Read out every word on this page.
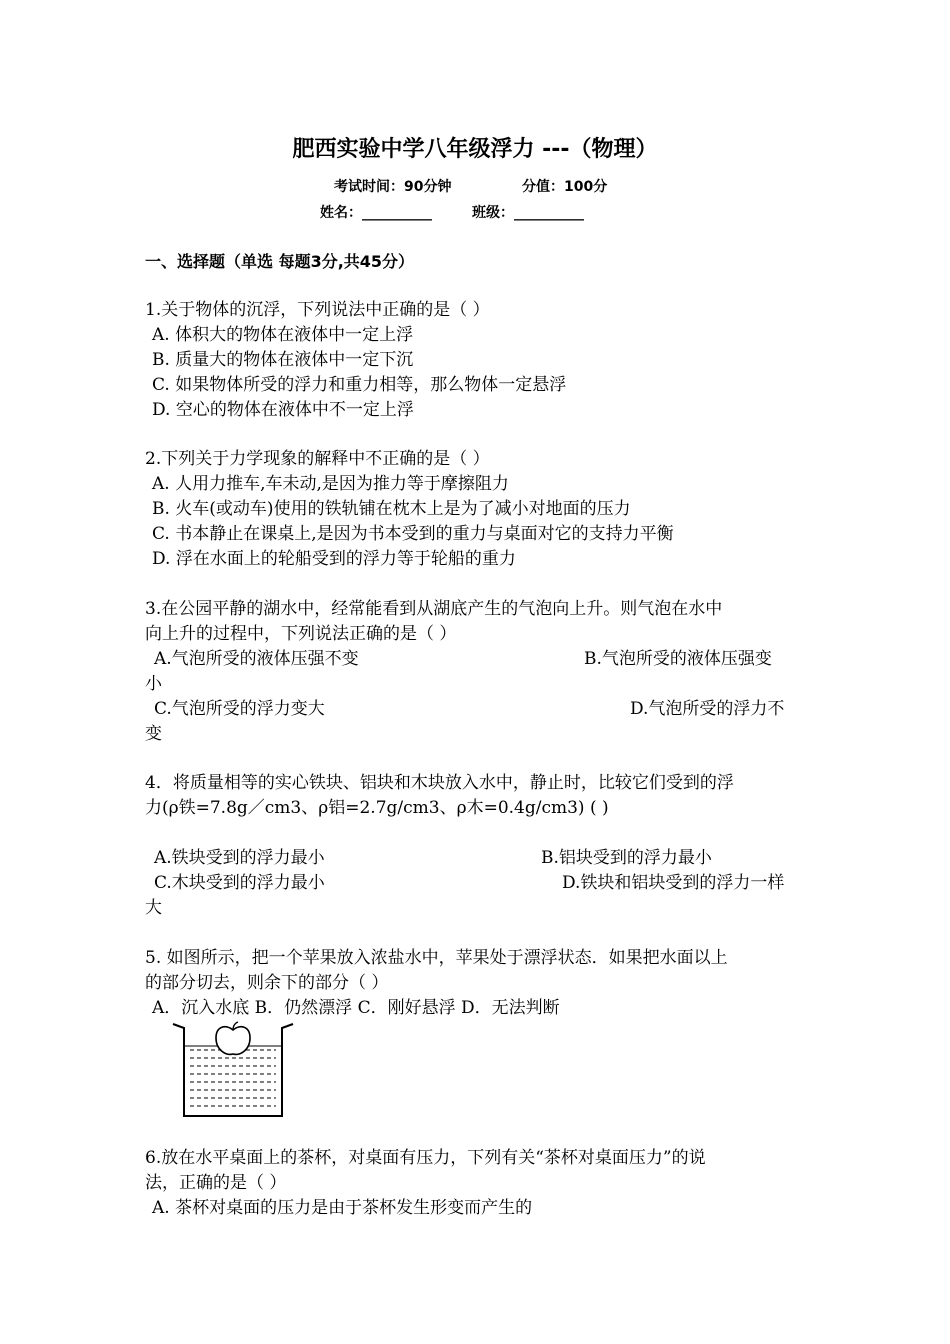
肥西实验中学八年级浮力 ---（物理）
考试时间：90分钟	分值：100分
姓名：__________	班级：__________
一、选择题（单选 每题3分,共45分）
1.关于物体的沉浮，下列说法中正确的是（ ）
A. 体积大的物体在液体中一定上浮
B. 质量大的物体在液体中一定下沉
C. 如果物体所受的浮力和重力相等，那么物体一定悬浮
D. 空心的物体在液体中不一定上浮
2.下列关于力学现象的解释中不正确的是（ ）
A. 人用力推车,车未动,是因为推力等于摩擦阻力
B. 火车(或动车)使用的铁轨铺在枕木上是为了减小对地面的压力
C. 书本静止在课桌上,是因为书本受到的重力与桌面对它的支持力平衡
D. 浮在水面上的轮船受到的浮力等于轮船的重力
3.在公园平静的湖水中，经常能看到从湖底产生的气泡向上升。则气泡在水中
向上升的过程中，下列说法正确的是（ ）
A.气泡所受的液体压强不变	B.气泡所受的液体压强变
小
C.气泡所受的浮力变大	D.气泡所受的浮力不
变
4．将质量相等的实心铁块、铝块和木块放入水中，静止时，比较它们受到的浮
力(ρ铁=7.8g／cm3、ρ铝=2.7g/cm3、ρ木=0.4g/cm3) ( )
A.铁块受到的浮力最小	B.铝块受到的浮力最小
C.木块受到的浮力最小	D.铁块和铝块受到的浮力一样
大
5. 如图所示，把一个苹果放入浓盐水中，苹果处于漂浮状态．如果把水面以上
的部分切去，则余下的部分（ ）
A．沉入水底 B．仍然漂浮 C．刚好悬浮 D．无法判断
6.放在水平桌面上的茶杯，对桌面有压力，下列有关“茶杯对桌面压力”的说
法，正确的是（ ）
A. 茶杯对桌面的压力是由于茶杯发生形变而产生的
